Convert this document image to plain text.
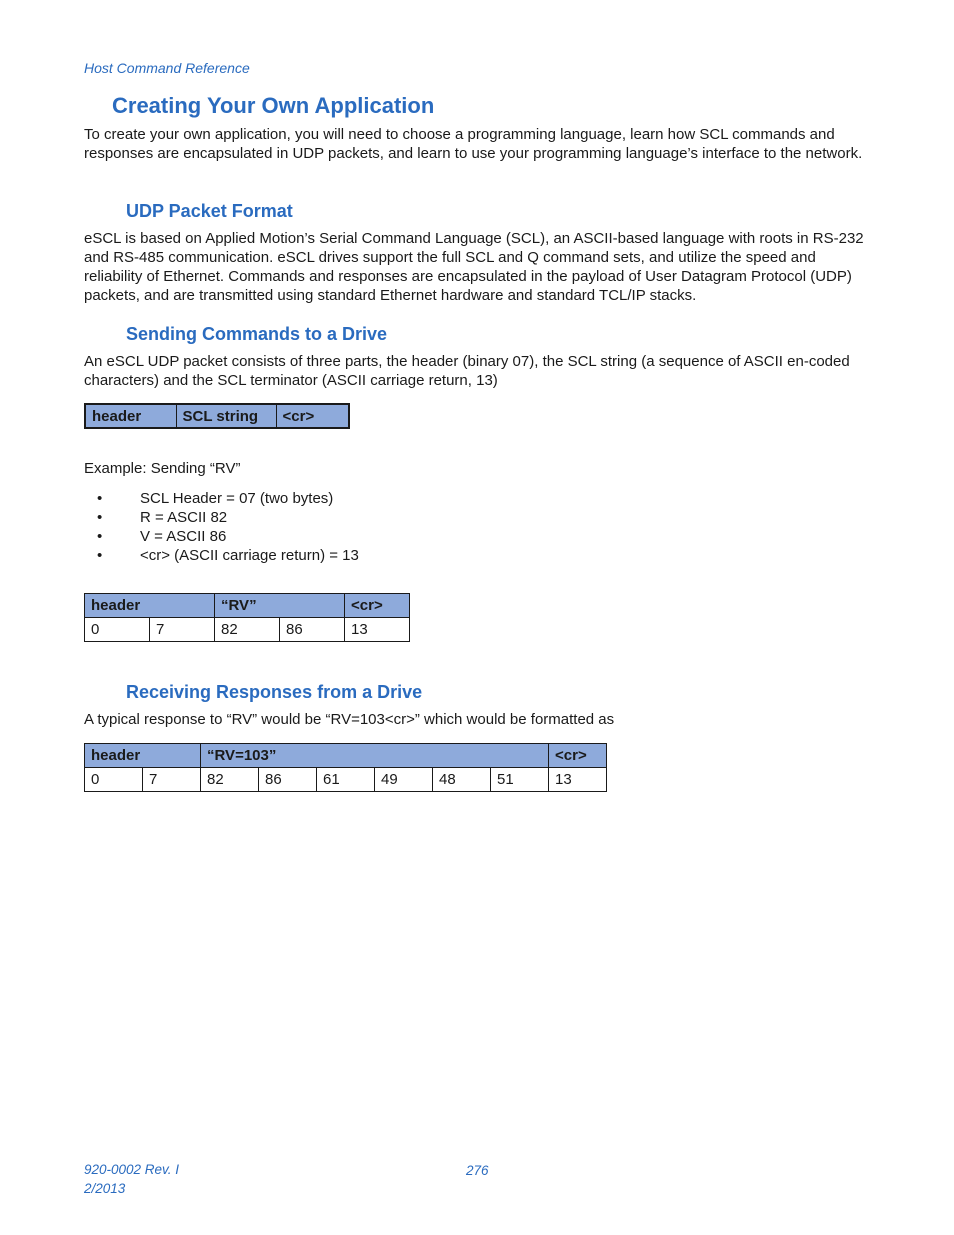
Host Command Reference
Creating Your Own Application

To create your own application, you will need to choose a programming language, learn how SCL commands and responses are encapsulated in UDP packets, and learn to use your programming language’s interface to the network.

UDP Packet Format

eSCL is based on Applied Motion’s Serial Command Language (SCL), an ASCII-based language with roots in RS-232 and RS-485 communication. eSCL drives support the full SCL and Q command sets, and utilize the speed and reliability of Ethernet. Commands and responses are encapsulated in the payload of User Datagram Protocol (UDP) packets, and are transmitted using standard Ethernet hardware and standard TCL/IP stacks.

Sending Commands to a Drive

An eSCL UDP packet consists of three parts, the header (binary 07), the SCL string (a sequence of ASCII en-coded characters) and the SCL terminator (ASCII carriage return, 13)

header	SCL string	<cr>

Example: Sending “RV”

•	SCL Header = 07 (two bytes)
•	R = ASCII 82
•	V = ASCII 86
•	<cr> (ASCII carriage return) = 13
header		“RV”		<cr>
0	7	82	86	13
Receiving Responses from a Drive

A typical response to “RV” would be “RV=103<cr>” which would be formatted as

header		“RV=103”						<cr>
0	7	82	86	61	49	48	51	13
920-0002 Rev. I
2/2013
276
